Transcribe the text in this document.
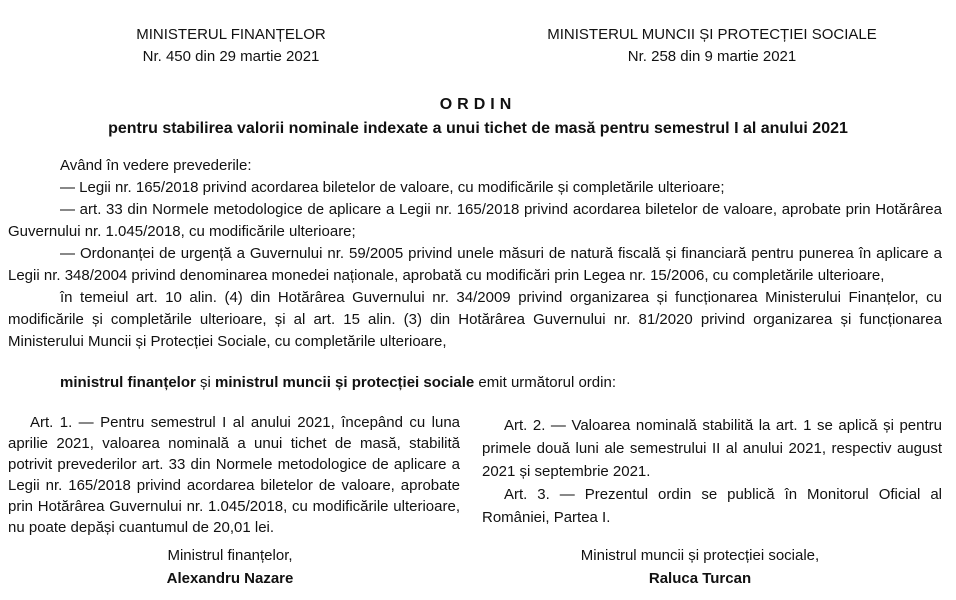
MINISTERUL FINANȚELOR
Nr. 450 din 29 martie 2021
MINISTERUL MUNCII ȘI PROTECȚIEI SOCIALE
Nr. 258 din 9 martie 2021
ORDIN
pentru stabilirea valorii nominale indexate a unui tichet de masă pentru semestrul I al anului 2021

Având în vedere prevederile:

— Legii nr. 165/2018 privind acordarea biletelor de valoare, cu modificările și completările ulterioare;

— art. 33 din Normele metodologice de aplicare a Legii nr. 165/2018 privind acordarea biletelor de valoare, aprobate prin Hotărârea Guvernului nr. 1.045/2018, cu modificările ulterioare;

— Ordonanței de urgență a Guvernului nr. 59/2005 privind unele măsuri de natură fiscală și financiară pentru punerea în aplicare a Legii nr. 348/2004 privind denominarea monedei naționale, aprobată cu modificări prin Legea nr. 15/2006, cu completările ulterioare,

în temeiul art. 10 alin. (4) din Hotărârea Guvernului nr. 34/2009 privind organizarea și funcționarea Ministerului Finanțelor, cu modificările și completările ulterioare, și al art. 15 alin. (3) din Hotărârea Guvernului nr. 81/2020 privind organizarea și funcționarea Ministerului Muncii și Protecției Sociale, cu completările ulterioare,

ministrul finanțelor și ministrul muncii și protecției sociale emit următorul ordin:

Art. 1. — Pentru semestrul I al anului 2021, începând cu luna aprilie 2021, valoarea nominală a unui tichet de masă, stabilită potrivit prevederilor art. 33 din Normele metodologice de aplicare a Legii nr. 165/2018 privind acordarea biletelor de valoare, aprobate prin Hotărârea Guvernului nr. 1.045/2018, cu modificările ulterioare, nu poate depăși cuantumul de 20,01 lei.

Art. 2. — Valoarea nominală stabilită la art. 1 se aplică și pentru primele două luni ale semestrului II al anului 2021, respectiv august 2021 și septembrie 2021.

Art. 3. — Prezentul ordin se publică în Monitorul Oficial al României, Partea I.

Ministrul finanțelor,
Alexandru Nazare
Ministrul muncii și protecției sociale,
Raluca Turcan
